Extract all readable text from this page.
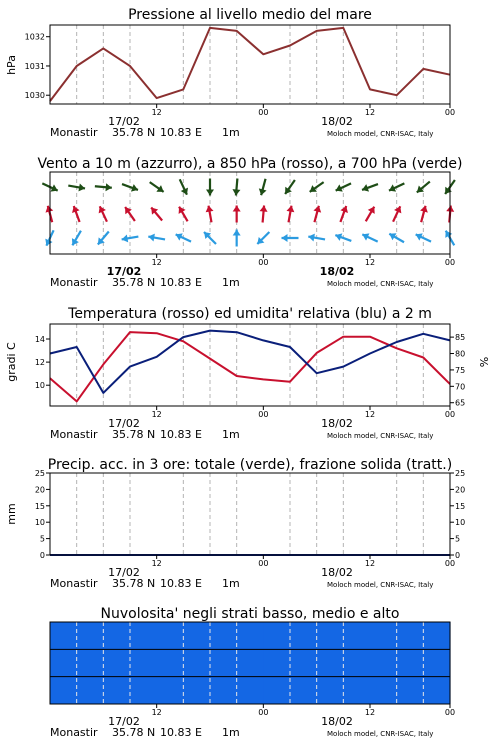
Pressione al livello medio del mare
hPa
1030
1031
1032
12	00	12	00
17/02	18/02
Monastir 35.78 N 10.83 E 1m	Moloch model, CNR-ISAC, Italy
Vento a 10 m (azzurro), a 850 hPa (rosso), a 700 hPa (verde)
12	00	12	00
17/02	18/02
Monastir 35.78 N 10.83 E 1m	Moloch model, CNR-ISAC, Italy
Temperatura (rosso) ed umidita' relativa (blu) a 2 m
gradi C	%
10
12
14
65
70
75
80
85
12	00	12	00
17/02	18/02
Monastir 35.78 N 10.83 E 1m	Moloch model, CNR-ISAC, Italy
Precip. acc. in 3 ore: totale (verde), frazione solida (tratt.)
mm
0
5
10
15
20
25
0
5
10
15
20
25
12	00	12	00
17/02	18/02
Monastir 35.78 N 10.83 E 1m	Moloch model, CNR-ISAC, Italy
Nuvolosita' negli strati basso, medio e alto
12	00	12	00
17/02	18/02
Monastir 35.78 N 10.83 E 1m	Moloch model, CNR-ISAC, Italy
